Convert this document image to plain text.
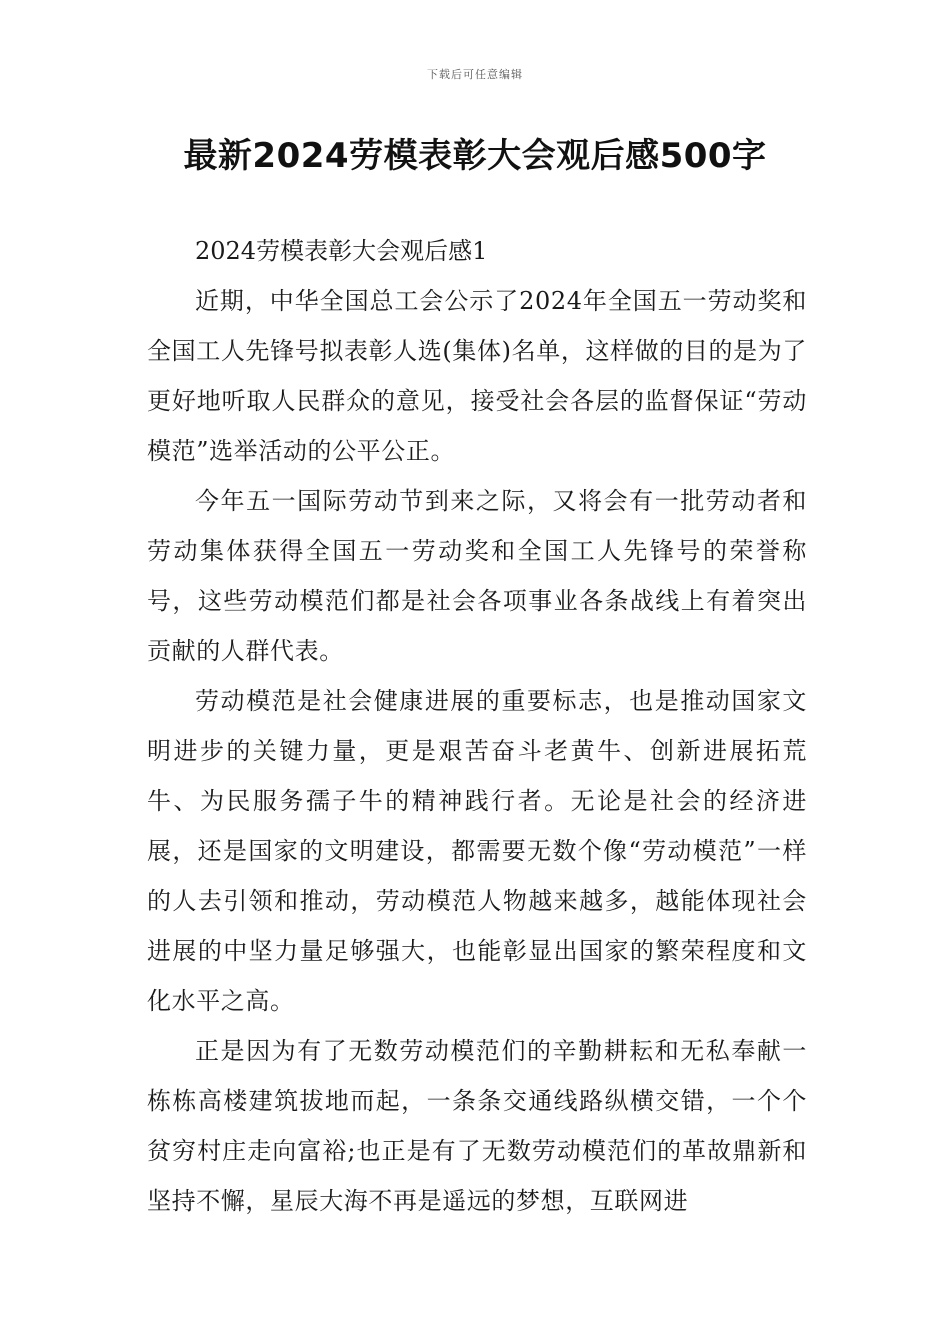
下载后可任意编辑
最新2024劳模表彰大会观后感500字

2024劳模表彰大会观后感1

近期，中华全国总工会公示了2024年全国五一劳动奖和全国工人先锋号拟表彰人选(集体)名单，这样做的目的是为了更好地听取人民群众的意见，接受社会各层的监督保证“劳动模范”选举活动的公平公正。

今年五一国际劳动节到来之际，又将会有一批劳动者和劳动集体获得全国五一劳动奖和全国工人先锋号的荣誉称号，这些劳动模范们都是社会各项事业各条战线上有着突出贡献的人群代表。

劳动模范是社会健康进展的重要标志，也是推动国家文明进步的关键力量，更是艰苦奋斗老黄牛、创新进展拓荒牛、为民服务孺子牛的精神践行者。无论是社会的经济进展，还是国家的文明建设，都需要无数个像“劳动模范”一样的人去引领和推动，劳动模范人物越来越多，越能体现社会进展的中坚力量足够强大，也能彰显出国家的繁荣程度和文化水平之高。

正是因为有了无数劳动模范们的辛勤耕耘和无私奉献一栋栋高楼建筑拔地而起，一条条交通线路纵横交错，一个个贫穷村庄走向富裕;也正是有了无数劳动模范们的革故鼎新和坚持不懈，星辰大海不再是遥远的梦想，互联网进
